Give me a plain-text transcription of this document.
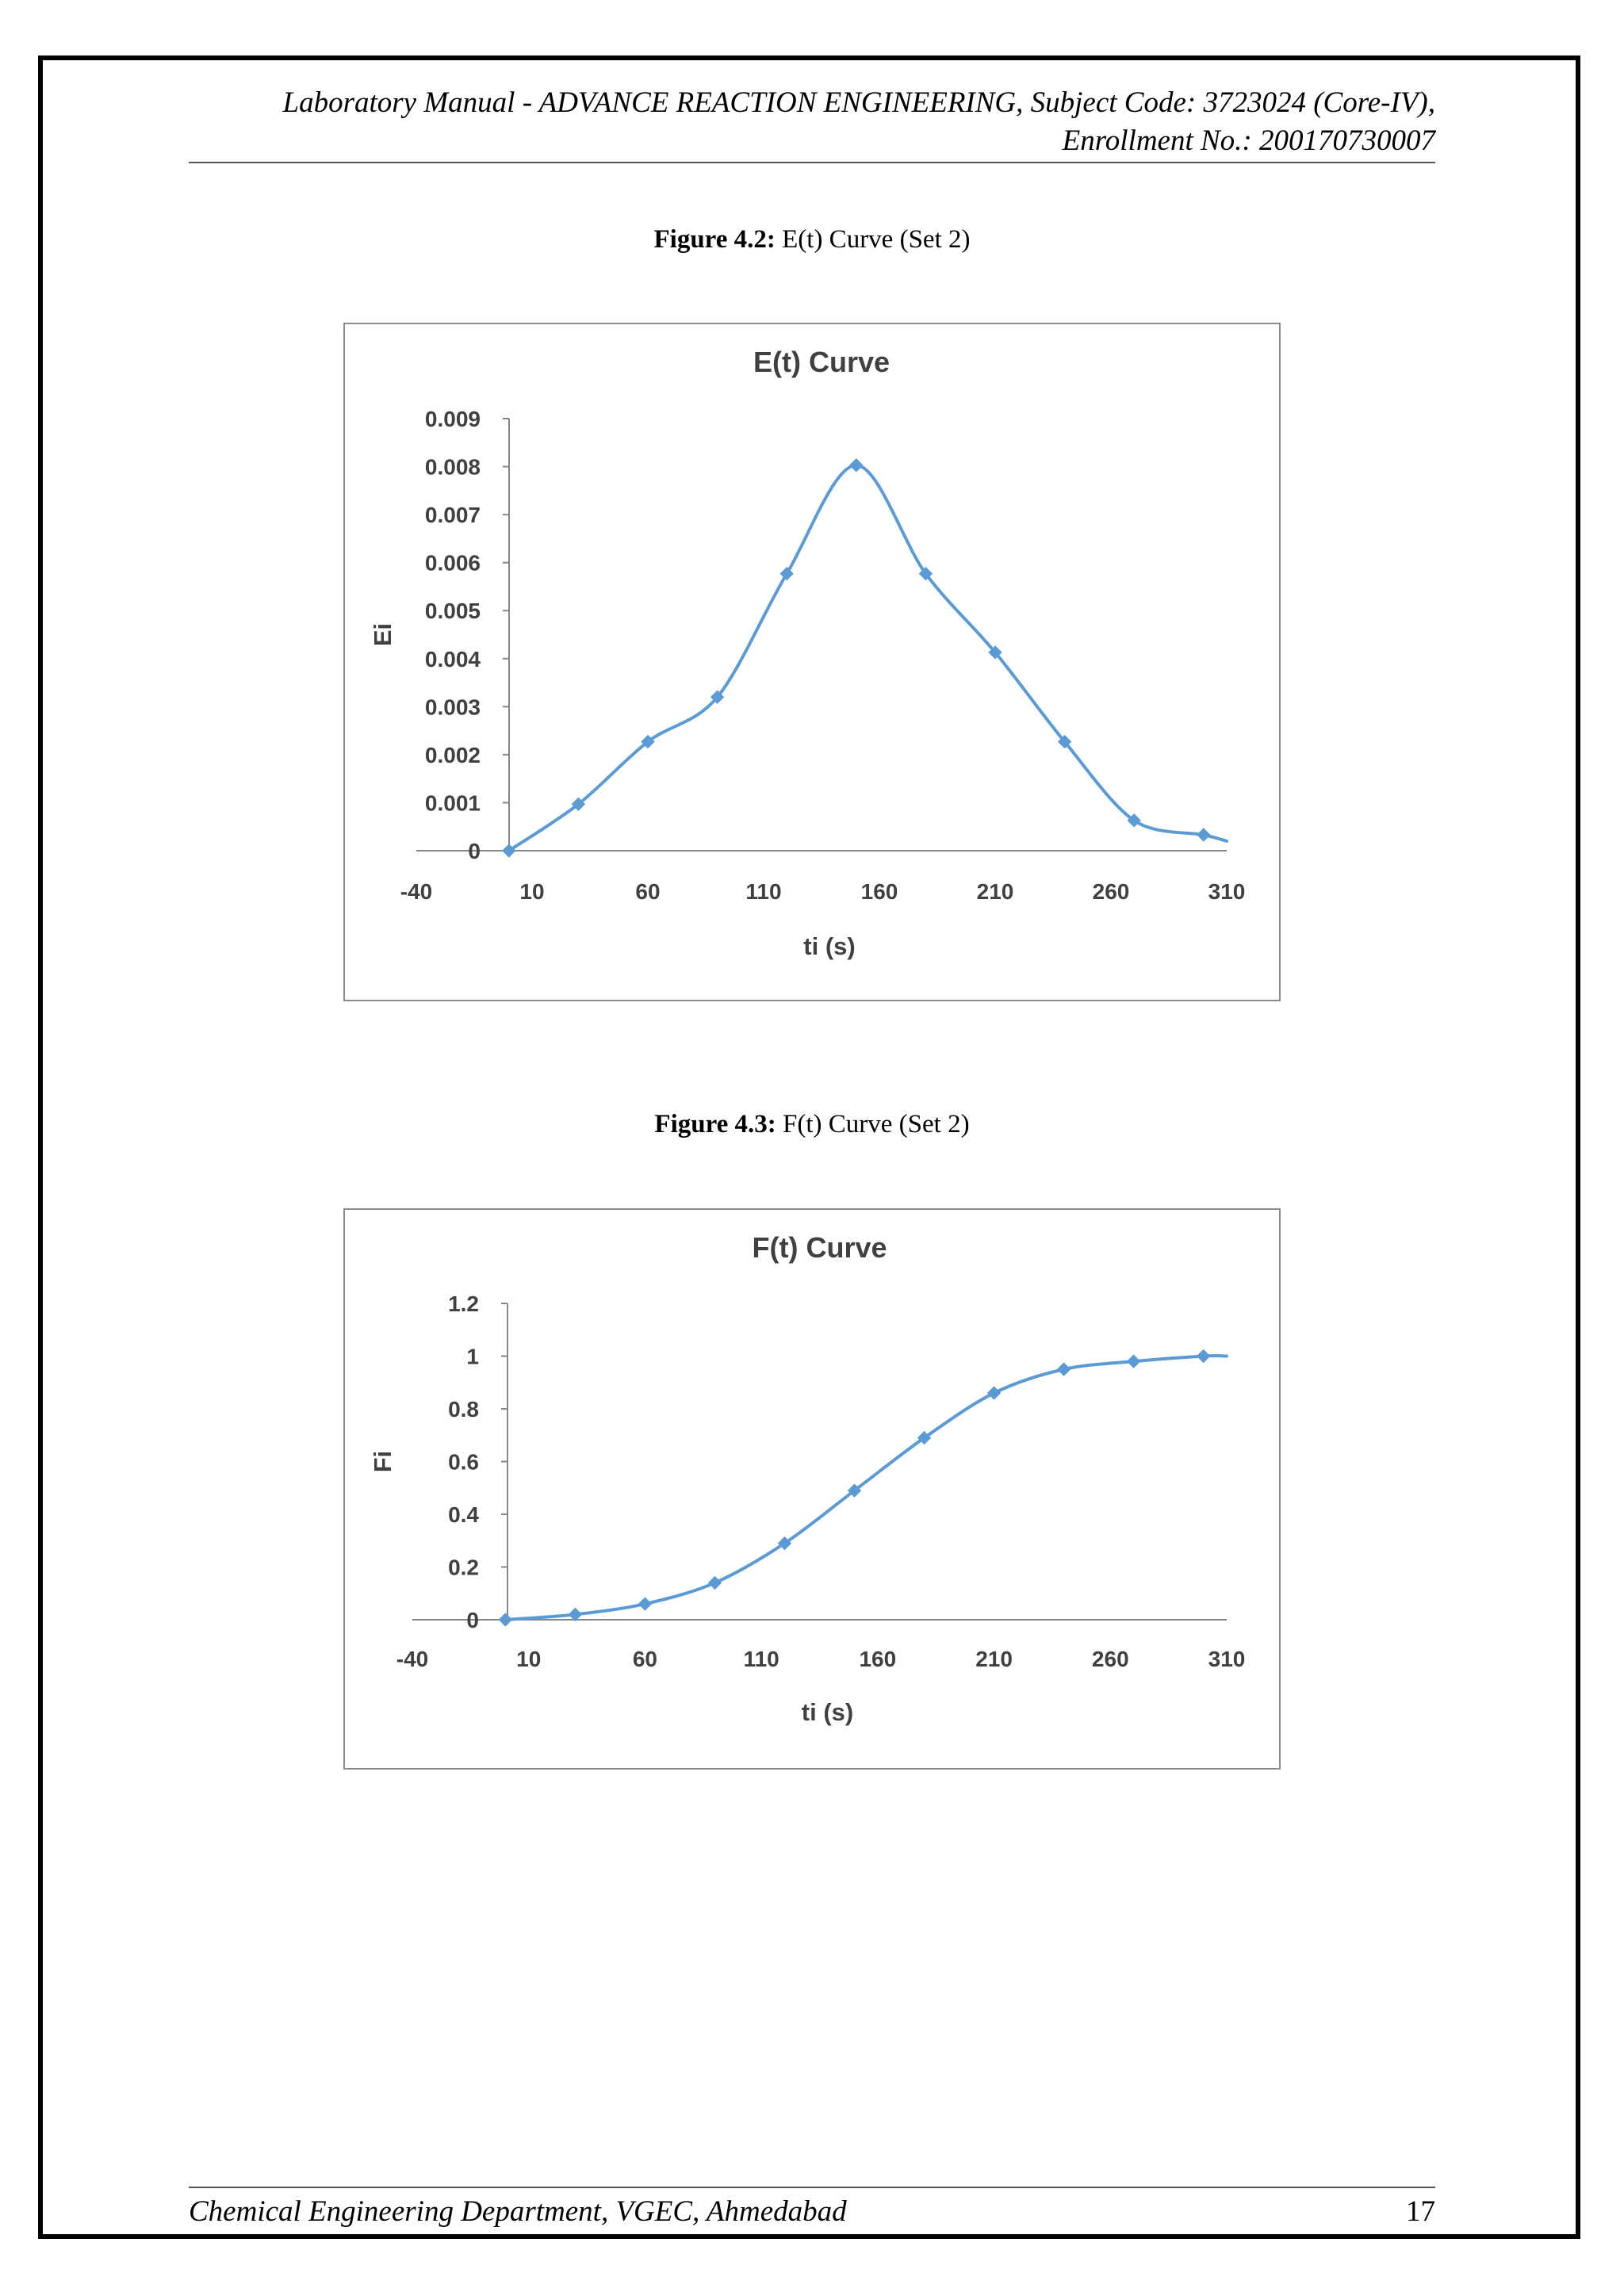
Laboratory Manual - ADVANCE REACTION ENGINEERING, Subject Code: 3723024 (Core-IV),
Enrollment No.: 200170730007
Figure 4.2: E(t) Curve (Set 2)
E(t) Curve
0
0.001
0.002
0.003
0.004
0.005
0.006
0.007
0.008
0.009
-40	10	60	110	160	210	260	310
ti (s)
Ei
Figure 4.3: F(t) Curve (Set 2)
F(t) Curve
0
0.2
0.4
0.6
0.8
1
1.2
-40	10	60	110	160	210	260	310
ti (s)
Fi
Chemical Engineering Department, VGEC, Ahmedabad	17
